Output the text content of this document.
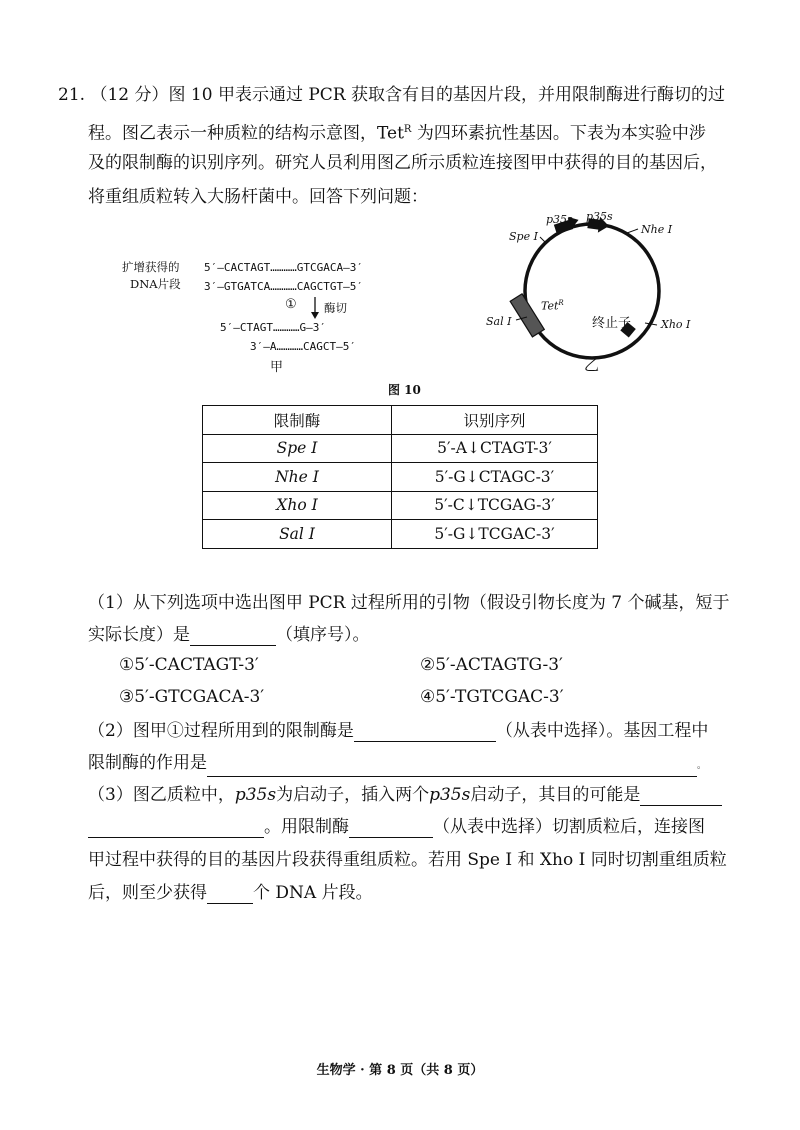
21. （12 分）图 10 甲表示通过 PCR 获取含有目的基因片段，并用限制酶进行酶切的过
程。图乙表示一种质粒的结构示意图，Tet$^R$ 为四环素抗性基因。下表为本实验中涉
及的限制酶的识别序列。研究人员利用图乙所示质粒连接图甲中获得的目的基因后，
将重组质粒转入大肠杆菌中。回答下列问题：
扩增获得的
DNA片段
5′—CACTAGT…………GTCGACA—3′
3′—GTGATCA…………CAGCTGT—5′
① 酶切
5′—CTAGT…………G—3′
3′—A…………CAGCT—5′
甲
p35s p35s
Spe Ⅰ
Nhe Ⅰ
Sal Ⅰ	Xho Ⅰ
Tet$^R$
终止子
乙
图 10
限制酶	识别序列
Spe Ⅰ	5′-A↓CTAGT-3′
Nhe Ⅰ	5′-G↓CTAGC-3′
Xho Ⅰ	5′-C↓TCGAG-3′
Sal Ⅰ	5′-G↓TCGAC-3′
（1）从下列选项中选出图甲 PCR 过程所用的引物（假设引物长度为 7 个碱基，短于
实际长度）是	（填序号）。
①5′-CACTAGT-3′	②5′-ACTAGTG-3′
③5′-GTCGACA-3′	④5′-TGTCGAC-3′
（2）图甲①过程所用到的限制酶是	（从表中选择）。基因工程中
限制酶的作用是	。
（3）图乙质粒中，p35s为启动子，插入两个p35s启动子，其目的可能是
。用限制酶	（从表中选择）切割质粒后，连接图
甲过程中获得的目的基因片段获得重组质粒。若用 Spe Ⅰ 和 Xho Ⅰ 同时切割重组质粒
后，则至少获得	个 DNA 片段。
生物学 · 第 8 页（共 8 页）
